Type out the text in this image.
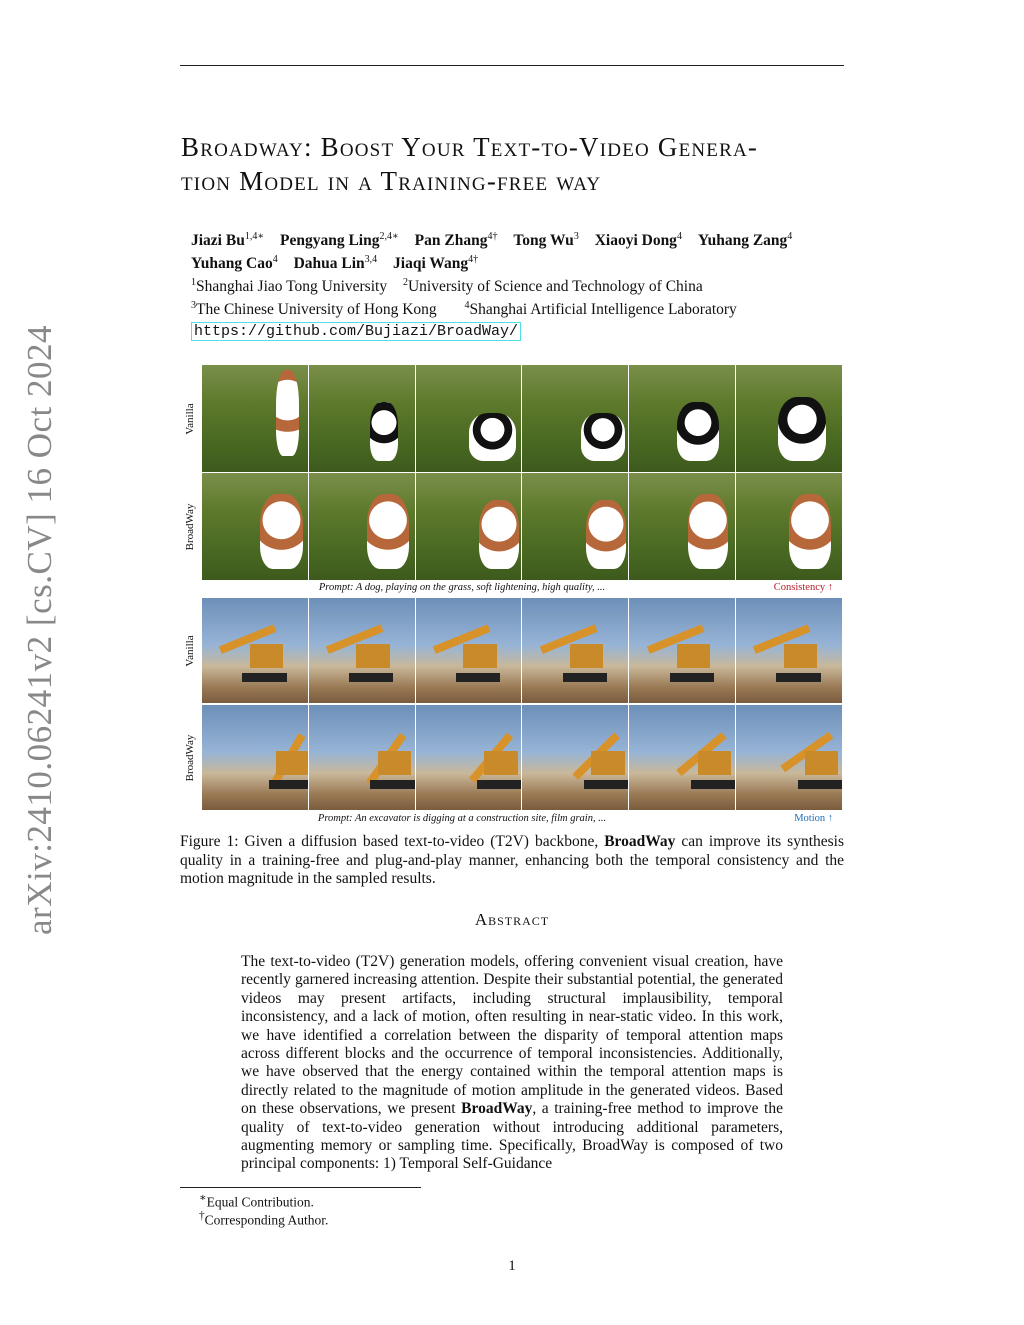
arXiv:2410.06241v2 [cs.CV] 16 Oct 2024
Broadway: Boost Your Text-to-Video Genera-
tion Model in a Training-free way
Jiazi $Bu^{1,4∗}$ Pengyang Ling$^{2,4∗}$ Pan Zhang$^{4\dagger}$ Tong Wu$^3$ Xiaoyi Dong$^4$ Yuhang Zang$^4$
Yuhang Cao$^4$ Dahua Lin$^{3,4}$ Jiaqi Wang$^{4\dagger}$
$^1$Shanghai Jiao Tong University $^2$University of Science and Technology of China
$^3$The Chinese University of Hong Kong	$^4$Shanghai Artificial Intelligence Laboratory
https://github.com/Bujiazi/BroadWay/
Vanilla
BroadWay
Prompt: A dog, playing on the grass, soft lightening, high quality, ...	Consistency ↑
Vanilla
BroadWay
Prompt: An excavator is digging at a construction site, film grain, ...	Motion ↑
Figure 1: Given a diffusion based text-to-video (T2V) backbone, BroadWay can improve its synthesis quality in a training-free and plug-and-play manner, enhancing both the temporal consistency and the motion magnitude in the sampled results.
Abstract
The text-to-video (T2V) generation models, offering convenient visual creation, have recently garnered increasing attention. Despite their substantial potential, the generated videos may present artifacts, including structural implausibility, temporal inconsistency, and a lack of motion, often resulting in near-static video. In this work, we have identified a correlation between the disparity of temporal attention maps across different blocks and the occurrence of temporal inconsistencies. Additionally, we have observed that the energy contained within the temporal attention maps is directly related to the magnitude of motion amplitude in the generated videos. Based on these observations, we present BroadWay, a training-free method to improve the quality of text-to-video generation without introducing additional parameters, augmenting memory or sampling time. Specifically, BroadWay is composed of two principal components: 1) Temporal Self-Guidance
∗Equal Contribution.
†Corresponding Author.
1
